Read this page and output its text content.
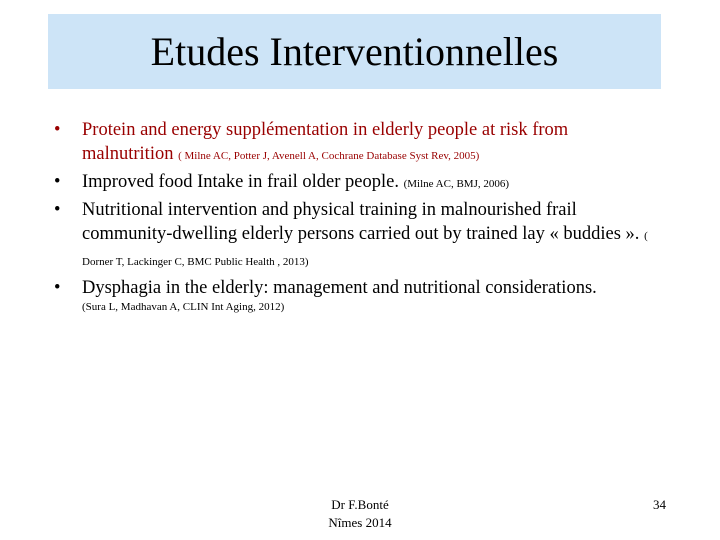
Etudes Interventionnelles
•	Protein and energy supplémentation in elderly people at risk from malnutrition ( Milne AC, Potter J, Avenell A, Cochrane Database Syst Rev, 2005)
•	Improved food Intake in frail older people. (Milne AC, BMJ, 2006)
•	Nutritional intervention and physical training in malnourished frail community-dwelling elderly persons carried out by trained lay « buddies ». ( Dorner T, Lackinger C, BMC Public Health , 2013)
•	Dysphagia in the elderly: management and nutritional considerations.
(Sura L, Madhavan A, CLIN Int Aging, 2012)
Dr F.Bonté
Nîmes 2014
34
